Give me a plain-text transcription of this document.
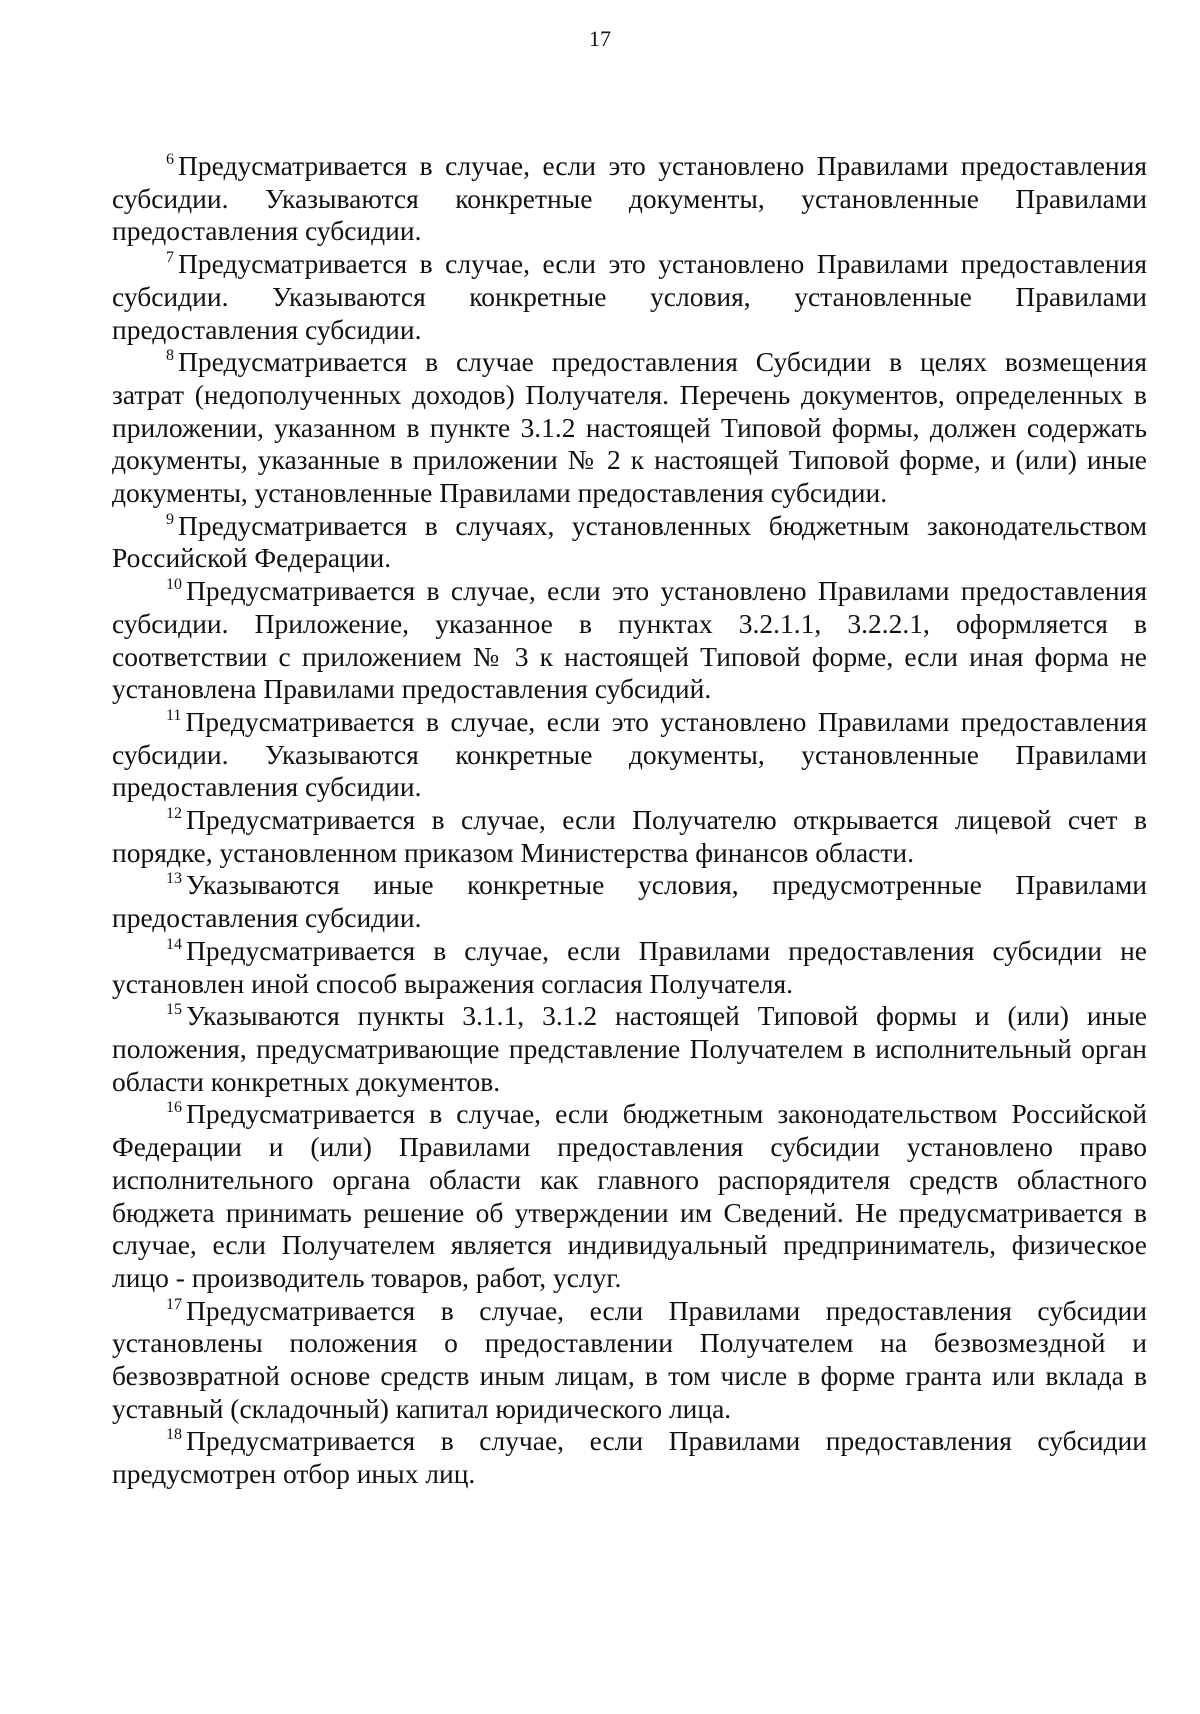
17

$^6$ Предусматривается в случае, если это установлено Правилами предоставления субсидии. Указываются конкретные документы, установленные Правилами предоставления субсидии.

$^7$ Предусматривается в случае, если это установлено Правилами предоставления субсидии. Указываются конкретные условия, установленные Правилами предоставления субсидии.

$^8$ Предусматривается в случае предоставления Субсидии в целях возмещения затрат (недополученных доходов) Получателя. Перечень документов, определенных в приложении, указанном в пункте 3.1.2 настоящей Типовой формы, должен содержать документы, указанные в приложении № 2 к настоящей Типовой форме, и (или) иные документы, установленные Правилами предоставления субсидии.

$^9$ Предусматривается в случаях, установленных бюджетным законодательством Российской Федерации.

$^{10}$ Предусматривается в случае, если это установлено Правилами предоставления субсидии. Приложение, указанное в пунктах 3.2.1.1, 3.2.2.1, оформляется в соответствии с приложением № 3 к настоящей Типовой форме, если иная форма не установлена Правилами предоставления субсидий.

$^{11}$ Предусматривается в случае, если это установлено Правилами предоставления субсидии. Указываются конкретные документы, установленные Правилами предоставления субсидии.

$^{12}$ Предусматривается в случае, если Получателю открывается лицевой счет в порядке, установленном приказом Министерства финансов области.

$^{13}$ Указываются иные конкретные условия, предусмотренные Правилами предоставления субсидии.

$^{14}$ Предусматривается в случае, если Правилами предоставления субсидии не установлен иной способ выражения согласия Получателя.

$^{15}$ Указываются пункты 3.1.1, 3.1.2 настоящей Типовой формы и (или) иные положения, предусматривающие представление Получателем в исполнительный орган области конкретных документов.

$^{16}$ Предусматривается в случае, если бюджетным законодательством Российской Федерации и (или) Правилами предоставления субсидии установлено право исполнительного органа области как главного распорядителя средств областного бюджета принимать решение об утверждении им Сведений. Не предусматривается в случае, если Получателем является индивидуальный предприниматель, физическое лицо - производитель товаров, работ, услуг.

$^{17}$ Предусматривается в случае, если Правилами предоставления субсидии установлены положения о предоставлении Получателем на безвозмездной и безвозвратной основе средств иным лицам, в том числе в форме гранта или вклада в уставный (складочный) капитал юридического лица.

$^{18}$ Предусматривается в случае, если Правилами предоставления субсидии предусмотрен отбор иных лиц.
